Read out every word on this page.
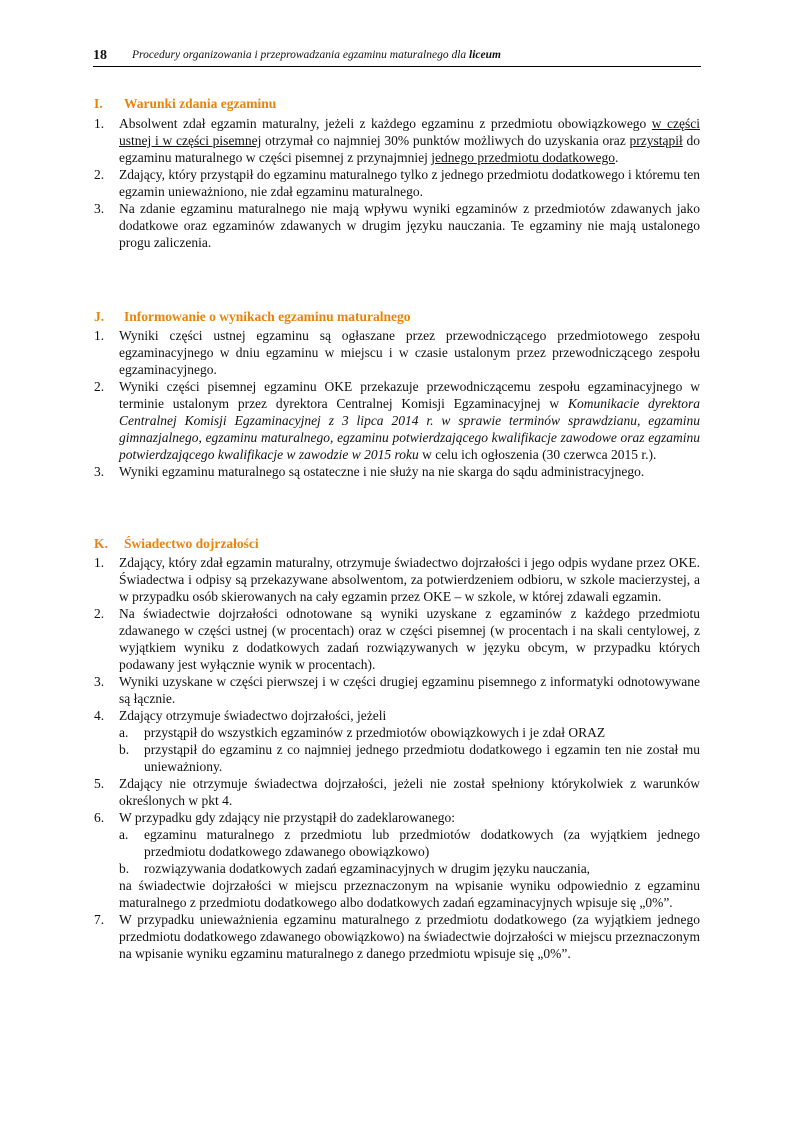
18 Procedury organizowania i przeprowadzania egzaminu maturalnego dla liceum
I. Warunki zdania egzaminu

1. Absolwent zdał egzamin maturalny, jeżeli z każdego egzaminu z przedmiotu obowiązkowego w części ustnej i w części pisemnej otrzymał co najmniej 30% punktów możliwych do uzyskania oraz przystąpił do egzaminu maturalnego w części pisemnej z przynajmniej jednego przedmiotu dodatkowego.

2. Zdający, który przystąpił do egzaminu maturalnego tylko z jednego przedmiotu dodatkowego i któremu ten egzamin unieważniono, nie zdał egzaminu maturalnego.

3. Na zdanie egzaminu maturalnego nie mają wpływu wyniki egzaminów z przedmiotów zdawanych jako dodatkowe oraz egzaminów zdawanych w drugim języku nauczania. Te egzaminy nie mają ustalonego progu zaliczenia.

J. Informowanie o wynikach egzaminu maturalnego

1. Wyniki części ustnej egzaminu są ogłaszane przez przewodniczącego przedmiotowego zespołu egzaminacyjnego w dniu egzaminu w miejscu i w czasie ustalonym przez przewodniczącego zespołu egzaminacyjnego.

2. Wyniki części pisemnej egzaminu OKE przekazuje przewodniczącemu zespołu egzaminacyjnego w terminie ustalonym przez dyrektora Centralnej Komisji Egzaminacyjnej w Komunikacie dyrektora Centralnej Komisji Egzaminacyjnej z 3 lipca 2014 r. w sprawie terminów sprawdzianu, egzaminu gimnazjalnego, egzaminu maturalnego, egzaminu potwierdzającego kwalifikacje zawodowe oraz egzaminu potwierdzającego kwalifikacje w zawodzie w 2015 roku w celu ich ogłoszenia (30 czerwca 2015 r.).

3. Wyniki egzaminu maturalnego są ostateczne i nie służy na nie skarga do sądu administracyjnego.

K. Świadectwo dojrzałości

1. Zdający, który zdał egzamin maturalny, otrzymuje świadectwo dojrzałości i jego odpis wydane przez OKE. Świadectwa i odpisy są przekazywane absolwentom, za potwierdzeniem odbioru, w szkole macierzystej, a w przypadku osób skierowanych na cały egzamin przez OKE – w szkole, w której zdawali egzamin.

2. Na świadectwie dojrzałości odnotowane są wyniki uzyskane z egzaminów z każdego przedmiotu zdawanego w części ustnej (w procentach) oraz w części pisemnej (w procentach i na skali centylowej, z wyjątkiem wyniku z dodatkowych zadań rozwiązywanych w języku obcym, w przypadku których podawany jest wyłącznie wynik w procentach).

3. Wyniki uzyskane w części pierwszej i w części drugiej egzaminu pisemnego z informatyki odnotowywane są łącznie.

4. Zdający otrzymuje świadectwo dojrzałości, jeżeli

a. przystąpił do wszystkich egzaminów z przedmiotów obowiązkowych i je zdał ORAZ

b. przystąpił do egzaminu z co najmniej jednego przedmiotu dodatkowego i egzamin ten nie został mu unieważniony.

5. Zdający nie otrzymuje świadectwa dojrzałości, jeżeli nie został spełniony którykolwiek z warunków określonych w pkt 4.

6. W przypadku gdy zdający nie przystąpił do zadeklarowanego:

a. egzaminu maturalnego z przedmiotu lub przedmiotów dodatkowych (za wyjątkiem jednego przedmiotu dodatkowego zdawanego obowiązkowo)

b. rozwiązywania dodatkowych zadań egzaminacyjnych w drugim języku nauczania,

na świadectwie dojrzałości w miejscu przeznaczonym na wpisanie wyniku odpowiednio z egzaminu maturalnego z przedmiotu dodatkowego albo dodatkowych zadań egzaminacyjnych wpisuje się „0%”.

7. W przypadku unieważnienia egzaminu maturalnego z przedmiotu dodatkowego (za wyjątkiem jednego przedmiotu dodatkowego zdawanego obowiązkowo) na świadectwie dojrzałości w miejscu przeznaczonym na wpisanie wyniku egzaminu maturalnego z danego przedmiotu wpisuje się „0%”.
